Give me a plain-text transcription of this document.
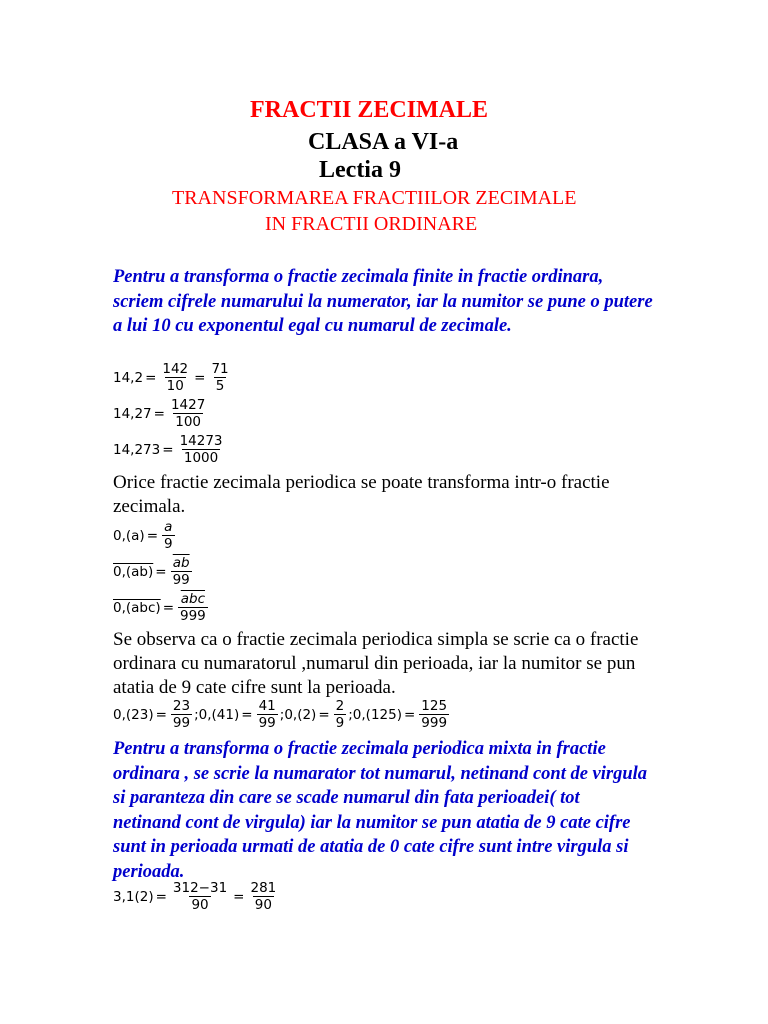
FRACTII ZECIMALE
CLASA a VI-a
Lectia 9
TRANSFORMAREA FRACTIILOR ZECIMALE
IN FRACTII ORDINARE
Pentru a transforma o fractie zecimala finite in fractie ordinara, scriem cifrele numarului la numerator, iar la numitor se pune o putere a lui 10 cu exponentul egal cu numarul de zecimale.
$14,2 = \frac{142}{10} = \frac{71}{5}$
$14,27 = \frac{1427}{100}$
$14,273 = \frac{14273}{1000}$
Orice fractie zecimala periodica se poate transforma intr-o fractie zecimala.
$0,(a) = \frac{a}{9}$
$0,(ab) = \frac{\overline{ab}}{99}$
$0,(abc) = \frac{\overline{abc}}{999}$
Se observa ca o fractie zecimala periodica simpla se scrie ca o fractie ordinara cu numaratorul ,numarul din perioada, iar la numitor se pun atatia de 9 cate cifre sunt la perioada.
$0,(23) = \frac{23}{99}$ ; $0,(41) = \frac{41}{99}$ ; $0,(2) = \frac{2}{9}$ ; $0,(125) = \frac{125}{999}$
Pentru a transforma o fractie zecimala periodica mixta in fractie ordinara , se scrie la numarator tot numarul, netinand cont de virgula si paranteza din care se scade numarul din fata perioadei( tot netinand cont de virgula) iar la numitor se pun atatia de 9 cate cifre sunt in perioada urmati de atatia de 0 cate cifre sunt intre virgula si perioada.
$3,1(2) = \frac{312-31}{90} = \frac{281}{90}$
